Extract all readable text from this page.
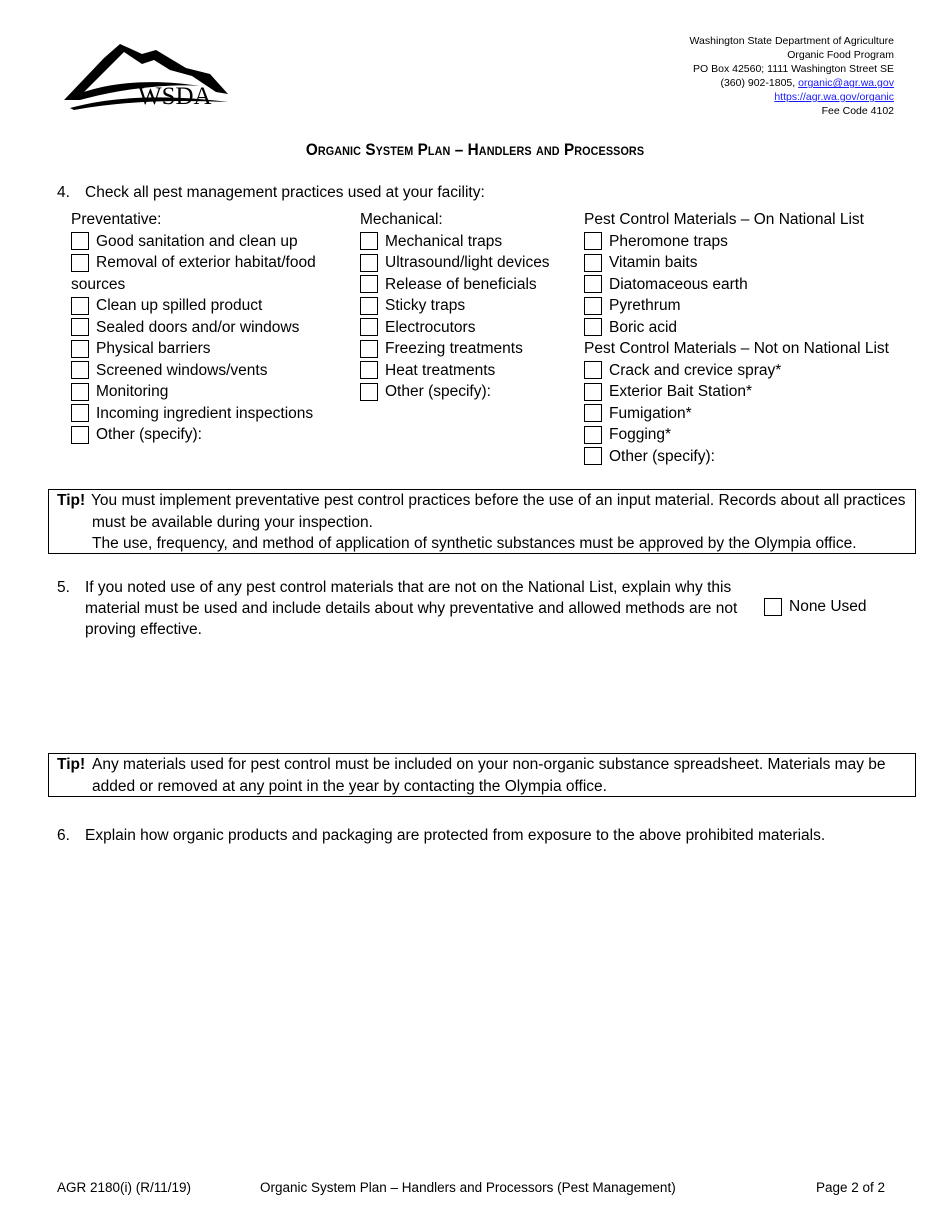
WSDA
Washington State Department of Agriculture
Organic Food Program
PO Box 42560; 1111 Washington Street SE
(360) 902-1805, organic@agr.wa.gov
https://agr.wa.gov/organic
Fee Code 4102
Organic System Plan – Handlers and Processors
4. Check all pest management practices used at your facility:
Preventative:
Good sanitation and clean up
Removal of exterior habitat/food
sources
Clean up spilled product
Sealed doors and/or windows
Physical barriers
Screened windows/vents
Monitoring
Incoming ingredient inspections
Other (specify):
Mechanical:
Mechanical traps
Ultrasound/light devices
Release of beneficials
Sticky traps
Electrocutors
Freezing treatments
Heat treatments
Other (specify):
Pest Control Materials – On National List
Pheromone traps
Vitamin baits
Diatomaceous earth
Pyrethrum
Boric acid
Pest Control Materials – Not on National List
Crack and crevice spray*
Exterior Bait Station*
Fumigation*
Fogging*
Other (specify):
Tip! You must implement preventative pest control practices before the use of an input material. Records about all practices
must be available during your inspection.
The use, frequency, and method of application of synthetic substances must be approved by the Olympia office.
5. If you noted use of any pest control materials that are not on the National List, explain why this
material must be used and include details about why preventative and allowed methods are not
proving effective.
None Used
Tip! Any materials used for pest control must be included on your non-organic substance spreadsheet. Materials may be
added or removed at any point in the year by contacting the Olympia office.
6. Explain how organic products and packaging are protected from exposure to the above prohibited materials.
AGR 2180(i) (R/11/19)	Organic System Plan – Handlers and Processors (Pest Management)	Page 2 of 2
